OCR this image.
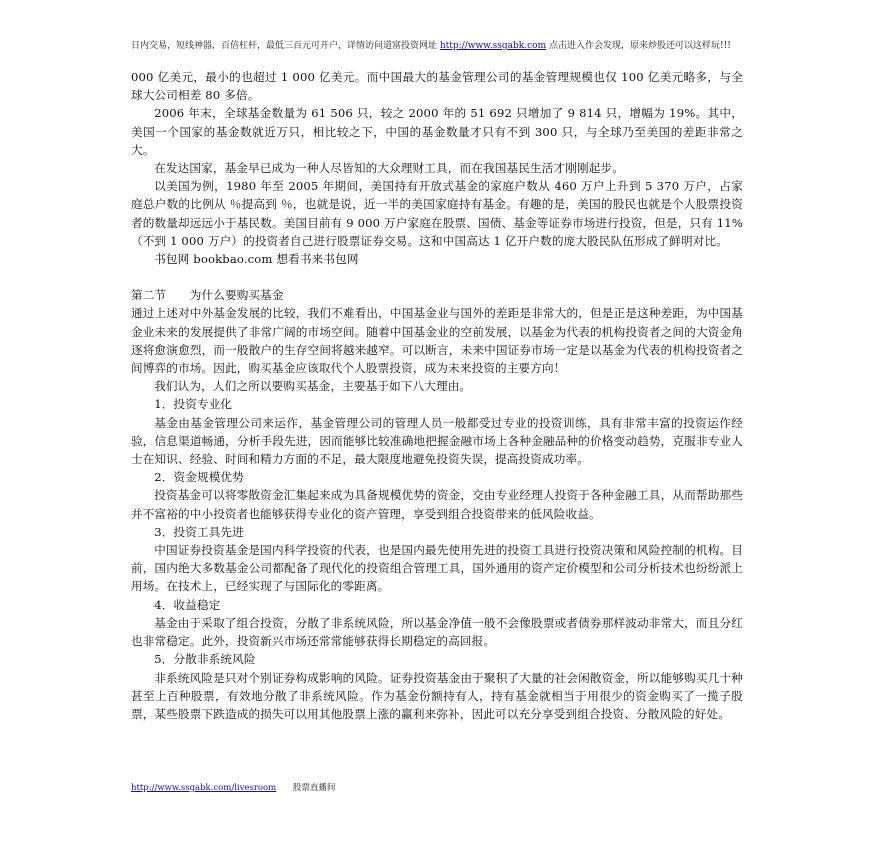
日内交易，短线神器，百倍杠杆，最低三百元可开户，详情访问道富投资网址 http://www.ssgabk.com 点击进入作会发现，原来炒股还可以这样玩!!!

000 亿美元，最小的也超过 1 000 亿美元。而中国最大的基金管理公司的基金管理规模也仅 100 亿美元略多，与全球大公司相差 80 多倍。

2006 年末，全球基金数量为 61 506 只，较之 2000 年的 51 692 只增加了 9 814 只，增幅为 19%。其中，美国一个国家的基金数就近万只，相比较之下，中国的基金数量才只有不到 300 只，与全球乃至美国的差距非常之大。

在发达国家，基金早已成为一种人尽皆知的大众理财工具，而在我国基民生活才刚刚起步。

以美国为例，1980 年至 2005 年期间，美国持有开放式基金的家庭户数从 460 万户上升到 5 370 万户，占家庭总户数的比例从 ％提高到 ％，也就是说，近一半的美国家庭持有基金。有趣的是，美国的股民也就是个人股票投资者的数量却远远小于基民数。美国目前有 9 000 万户家庭在股票、国债、基金等证券市场进行投资，但是，只有 11%（不到 1 000 万户）的投资者自己进行股票证券交易。这和中国高达 1 亿开户数的庞大股民队伍形成了鲜明对比。

书包网 bookbao.com 想看书来书包网

第二节　　为什么要购买基金

通过上述对中外基金发展的比较，我们不难看出，中国基金业与国外的差距是非常大的，但是正是这种差距，为中国基金业未来的发展提供了非常广阔的市场空间。随着中国基金业的空前发展，以基金为代表的机构投资者之间的大资金角逐将愈演愈烈，而一般散户的生存空间将越来越窄。可以断言，未来中国证券市场一定是以基金为代表的机构投资者之间博弈的市场。因此，购买基金应该取代个人股票投资，成为未来投资的主要方向！

我们认为，人们之所以要购买基金，主要基于如下八大理由。

1．投资专业化

基金由基金管理公司来运作，基金管理公司的管理人员一般都受过专业的投资训练，具有非常丰富的投资运作经验，信息渠道畅通，分析手段先进，因而能够比较准确地把握金融市场上各种金融品种的价格变动趋势，克服非专业人士在知识、经验、时间和精力方面的不足，最大限度地避免投资失误，提高投资成功率。

2．资金规模优势

投资基金可以将零散资金汇集起来成为具备规模优势的资金，交由专业经理人投资于各种金融工具，从而帮助那些并不富裕的中小投资者也能够获得专业化的资产管理，享受到组合投资带来的低风险收益。

3．投资工具先进

中国证券投资基金是国内科学投资的代表，也是国内最先使用先进的投资工具进行投资决策和风险控制的机构。目前，国内绝大多数基金公司都配备了现代化的投资组合管理工具，国外通用的资产定价模型和公司分析技术也纷纷派上用场。在技术上，已经实现了与国际化的零距离。

4．收益稳定

基金由于采取了组合投资，分散了非系统风险，所以基金净值一般不会像股票或者债券那样波动非常大，而且分红也非常稳定。此外，投资新兴市场还常常能够获得长期稳定的高回报。

5．分散非系统风险

非系统风险是只对个别证券构成影响的风险。证券投资基金由于聚积了大量的社会闲散资金，所以能够购买几十种甚至上百种股票，有效地分散了非系统风险。作为基金份额持有人，持有基金就相当于用很少的资金购买了一揽子股票，某些股票下跌造成的损失可以用其他股票上涨的赢利来弥补，因此可以充分享受到组合投资、分散风险的好处。

http://www.ssgabk.com/livesroom 股票直播间
